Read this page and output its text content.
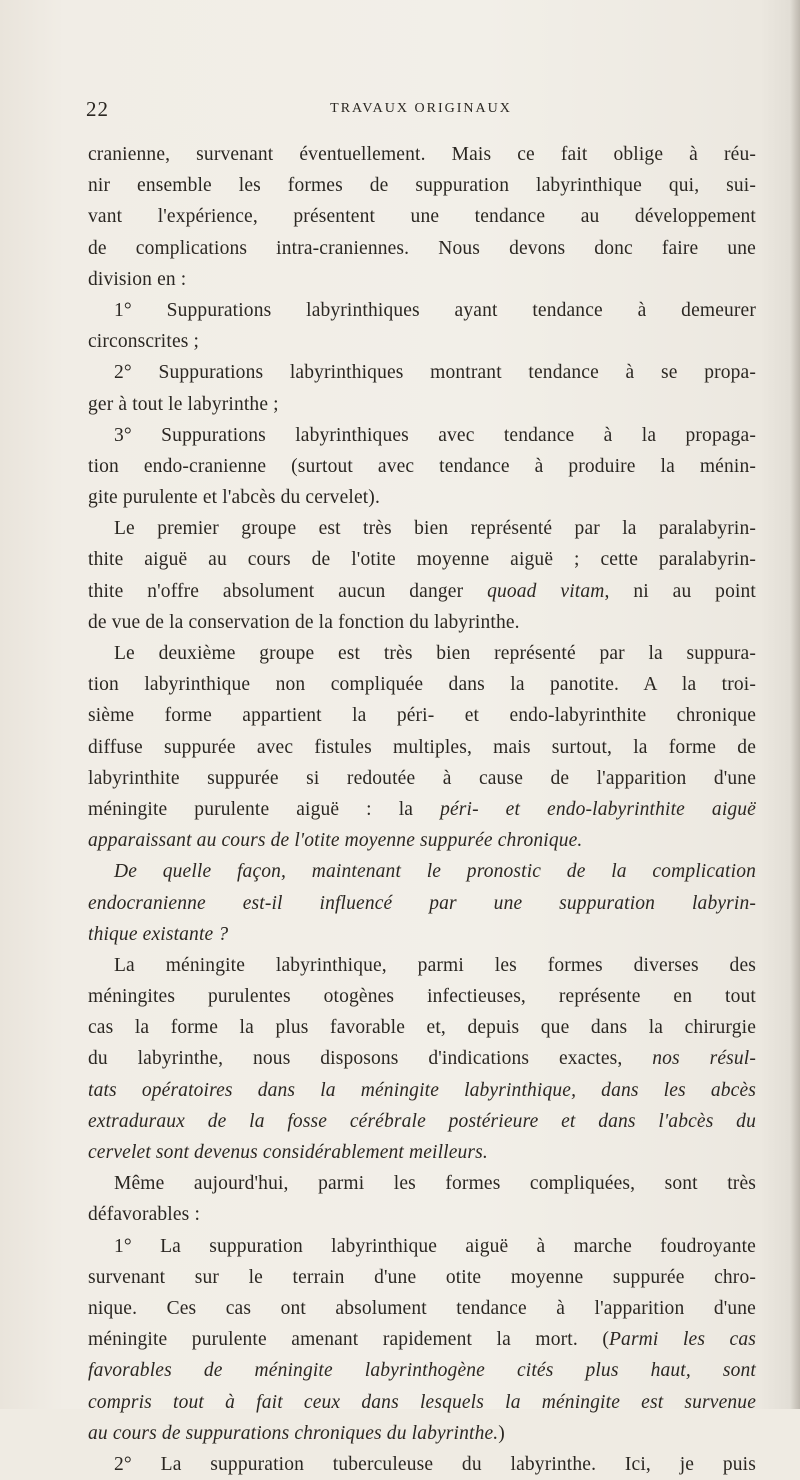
22	TRAVAUX ORIGINAUX
cranienne, survenant éventuellement. Mais ce fait oblige à réu-
nir ensemble les formes de suppuration labyrinthique qui, sui-
vant l'expérience, présentent une tendance au développement
de complications intra-craniennes. Nous devons donc faire une
division en :
1° Suppurations labyrinthiques ayant tendance à demeurer
circonscrites ;
2° Suppurations labyrinthiques montrant tendance à se propa-
ger à tout le labyrinthe ;
3° Suppurations labyrinthiques avec tendance à la propaga-
tion endo-cranienne (surtout avec tendance à produire la ménin-
gite purulente et l'abcès du cervelet).
Le premier groupe est très bien représenté par la paralabyrin-
thite aiguë au cours de l'otite moyenne aiguë ; cette paralabyrin-
thite n'offre absolument aucun danger quoad vitam, ni au point
de vue de la conservation de la fonction du labyrinthe.
Le deuxième groupe est très bien représenté par la suppura-
tion labyrinthique non compliquée dans la panotite. A la troi-
sième forme appartient la péri- et endo-labyrinthite chronique
diffuse suppurée avec fistules multiples, mais surtout, la forme de
labyrinthite suppurée si redoutée à cause de l'apparition d'une
méningite purulente aiguë : la péri- et endo-labyrinthite aiguë
apparaissant au cours de l'otite moyenne suppurée chronique.
De quelle façon, maintenant le pronostic de la complication
endocranienne est-il influencé par une suppuration labyrin-
thique existante ?
La méningite labyrinthique, parmi les formes diverses des
méningites purulentes otogènes infectieuses, représente en tout
cas la forme la plus favorable et, depuis que dans la chirurgie
du labyrinthe, nous disposons d'indications exactes, nos résul-
tats opératoires dans la méningite labyrinthique, dans les abcès
extraduraux de la fosse cérébrale postérieure et dans l'abcès du
cervelet sont devenus considérablement meilleurs.
Même aujourd'hui, parmi les formes compliquées, sont très
défavorables :
1° La suppuration labyrinthique aiguë à marche foudroyante
survenant sur le terrain d'une otite moyenne suppurée chro-
nique. Ces cas ont absolument tendance à l'apparition d'une
méningite purulente amenant rapidement la mort. (Parmi les cas
favorables de méningite labyrinthogène cités plus haut, sont
compris tout à fait ceux dans lesquels la méningite est survenue
au cours de suppurations chroniques du labyrinthe.)
2° La suppuration tuberculeuse du labyrinthe. Ici, je puis
